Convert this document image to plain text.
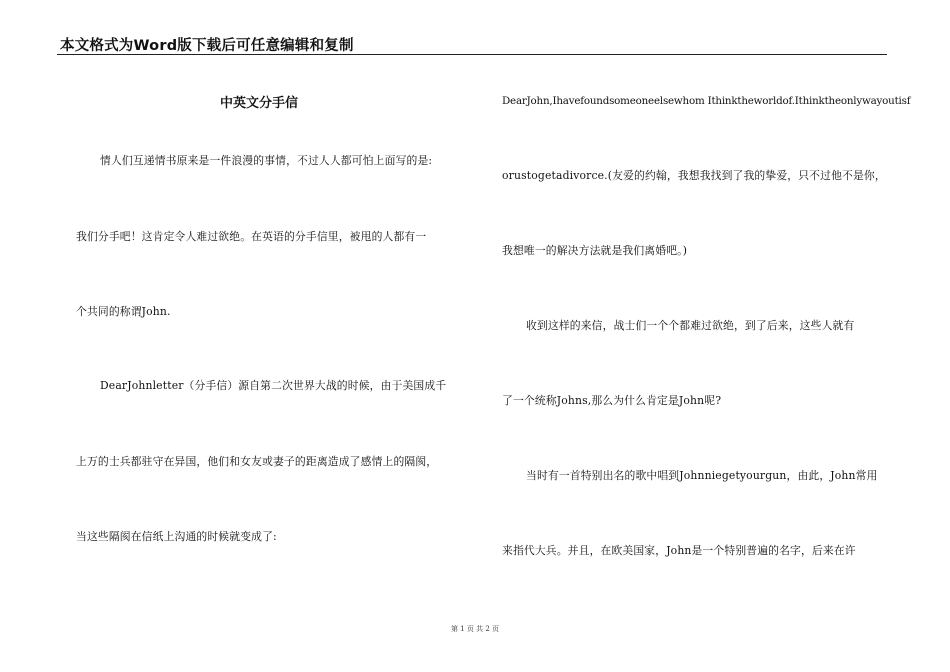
本文格式为Word版下载后可任意编辑和复制
中英文分手信
情人们互递情书原来是一件浪漫的事情，不过人人都可怕上面写的是:
我们分手吧！这肯定令人难过欲绝。在英语的分手信里，被甩的人都有一
个共同的称谓John.
DearJohnletter（分手信）源自第二次世界大战的时候，由于美国成千
上万的士兵都驻守在异国，他们和女友或妻子的距离造成了感情上的隔阂，
当这些隔阂在信纸上沟通的时候就变成了:
DearJohn,Ihavefoundsomeoneelsewhom Ithinktheworldof.Ithinktheonlywayoutisf
orustogetadivorce.(友爱的约翰，我想我找到了我的挚爱，只不过他不是你，
我想唯一的解决方法就是我们离婚吧。)
收到这样的来信，战士们一个个都难过欲绝，到了后来，这些人就有
了一个统称Johns,那么为什么肯定是John呢?
当时有一首特别出名的歌中唱到Johnniegetyourgun，由此，John常用
来指代大兵。并且，在欧美国家，John是一个特别普遍的名字，后来在许
第 1 页 共 2 页
